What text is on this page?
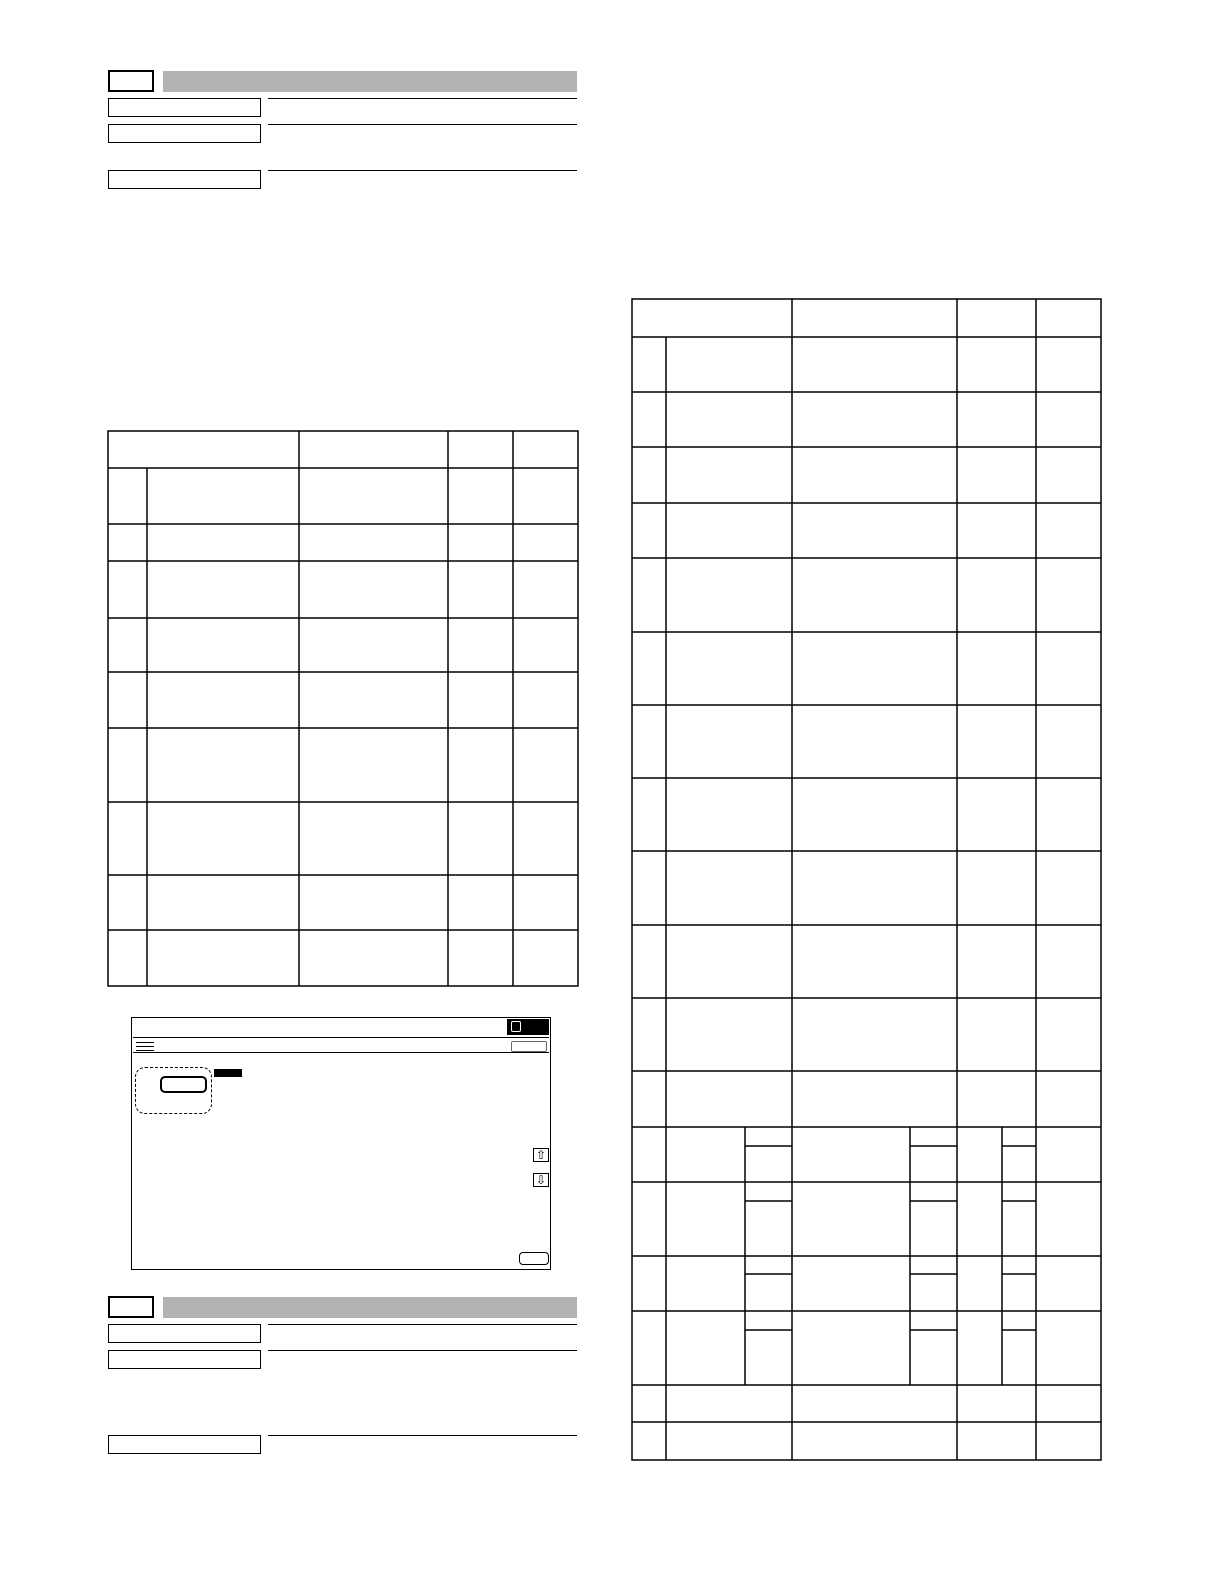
⇧
⇩
